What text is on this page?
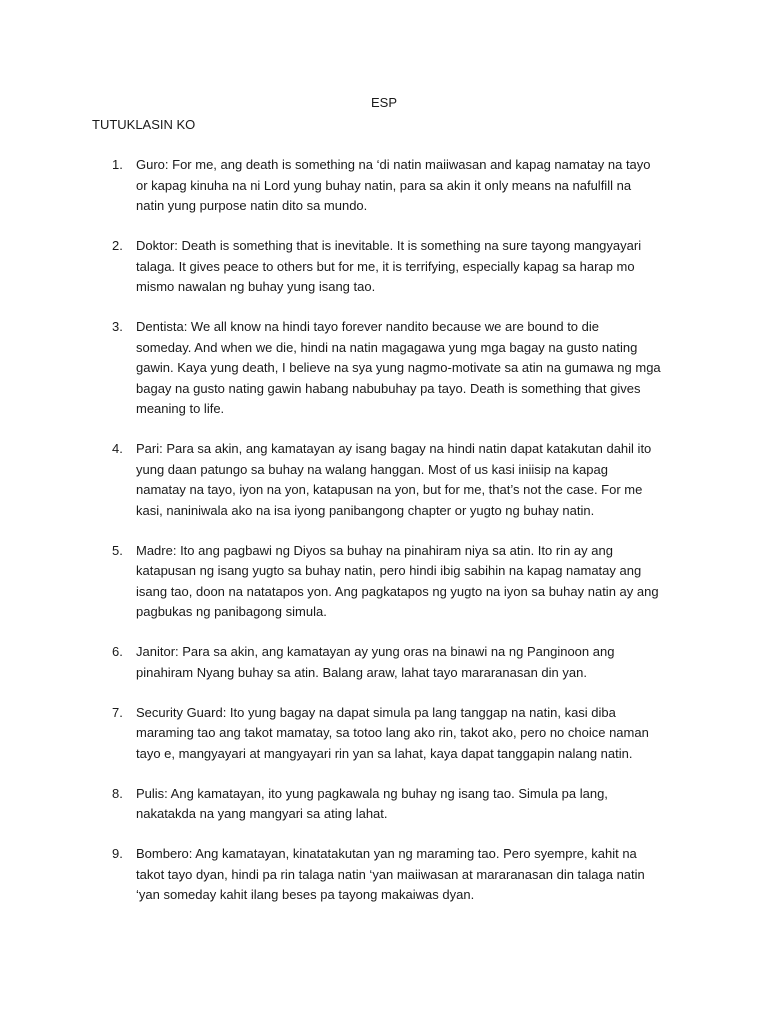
ESP
TUTUKLASIN KO
1. Guro: For me, ang death is something na ‘di natin maiiwasan and kapag namatay na tayo
or kapag kinuha na ni Lord yung buhay natin, para sa akin it only means na nafulfill na
natin yung purpose natin dito sa mundo.
2. Doktor: Death is something that is inevitable. It is something na sure tayong mangyayari
talaga. It gives peace to others but for me, it is terrifying, especially kapag sa harap mo
mismo nawalan ng buhay yung isang tao.
3. Dentista: We all know na hindi tayo forever nandito because we are bound to die
someday. And when we die, hindi na natin magagawa yung mga bagay na gusto nating
gawin. Kaya yung death, I believe na sya yung nagmo-motivate sa atin na gumawa ng mga
bagay na gusto nating gawin habang nabubuhay pa tayo. Death is something that gives
meaning to life.
4. Pari: Para sa akin, ang kamatayan ay isang bagay na hindi natin dapat katakutan dahil ito
yung daan patungo sa buhay na walang hanggan. Most of us kasi iniisip na kapag
namatay na tayo, iyon na yon, katapusan na yon, but for me, that’s not the case. For me
kasi, naniniwala ako na isa iyong panibangong chapter or yugto ng buhay natin.
5. Madre: Ito ang pagbawi ng Diyos sa buhay na pinahiram niya sa atin. Ito rin ay ang
katapusan ng isang yugto sa buhay natin, pero hindi ibig sabihin na kapag namatay ang
isang tao, doon na natatapos yon. Ang pagkatapos ng yugto na iyon sa buhay natin ay ang
pagbukas ng panibagong simula.
6. Janitor: Para sa akin, ang kamatayan ay yung oras na binawi na ng Panginoon ang
pinahiram Nyang buhay sa atin. Balang araw, lahat tayo mararanasan din yan.
7. Security Guard: Ito yung bagay na dapat simula pa lang tanggap na natin, kasi diba
maraming tao ang takot mamatay, sa totoo lang ako rin, takot ako, pero no choice naman
tayo e, mangyayari at mangyayari rin yan sa lahat, kaya dapat tanggapin nalang natin.
8. Pulis: Ang kamatayan, ito yung pagkawala ng buhay ng isang tao. Simula pa lang,
nakatakda na yang mangyari sa ating lahat.
9. Bombero: Ang kamatayan, kinatatakutan yan ng maraming tao. Pero syempre, kahit na
takot tayo dyan, hindi pa rin talaga natin ‘yan maiiwasan at mararanasan din talaga natin
‘yan someday kahit ilang beses pa tayong makaiwas dyan.
